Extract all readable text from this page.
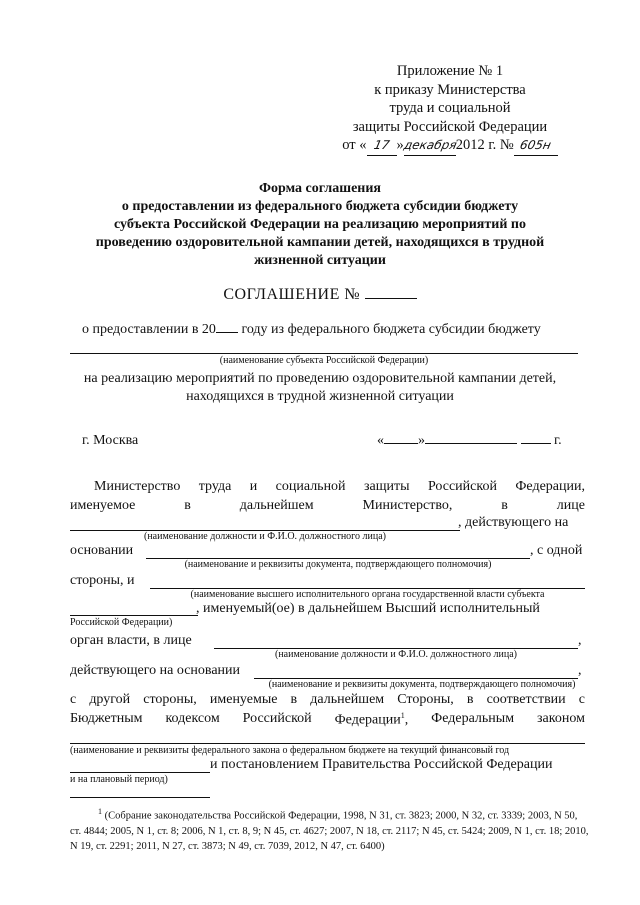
Приложение № 1
к приказу Министерства
труда и социальной
защиты Российской Федерации
от « 17 »декабря2012 г. № 605н
Форма соглашения
о предоставлении из федерального бюджета субсидии бюджету
субъекта Российской Федерации на реализацию мероприятий по
проведению оздоровительной кампании детей, находящихся в трудной
жизненной ситуации
СОГЛАШЕНИЕ №
о предоставлении в 20 году из федерального бюджета субсидии бюджету
(наименование субъекта Российской Федерации)
на реализацию мероприятий по проведению оздоровительной кампании детей,
находящихся в трудной жизненной ситуации
г. Москва	« »	г.
Министерство труда и социальной защиты Российской Федерации,
именуемое	в	дальнейшем	Министерство,	в	лице
, действующего на
(наименование должности и Ф.И.О. должностного лица)
основании	, с одной
(наименование и реквизиты документа, подтверждающего полномочия)
стороны, и
(наименование высшего исполнительного органа государственной власти субъекта
, именуемый(ое) в дальнейшем Высший исполнительный
Российской Федерации)
орган власти, в лице	,
(наименование должности и Ф.И.О. должностного лица)
действующего на основании	,
(наименование и реквизиты документа, подтверждающего полномочия)
с другой стороны, именуемые в дальнейшем Стороны, в соответствии с
Бюджетным кодексом Российской Федерации$^1$, Федеральным законом
(наименование и реквизиты федерального закона о федеральном бюджете на текущий финансовый год
и постановлением Правительства Российской Федерации
и на плановый период)
$^1$ (Собрание законодательства Российской Федерации, 1998, N 31, ст. 3823; 2000, N 32, ст. 3339; 2003, N 50, ст. 4844; 2005, N 1, ст. 8; 2006, N 1, ст. 8, 9; N 45, ст. 4627; 2007, N 18, ст. 2117; N 45, ст. 5424; 2009, N 1, ст. 18; 2010, N 19, ст. 2291; 2011, N 27, ст. 3873; N 49, ст. 7039, 2012, N 47, ст. 6400)
